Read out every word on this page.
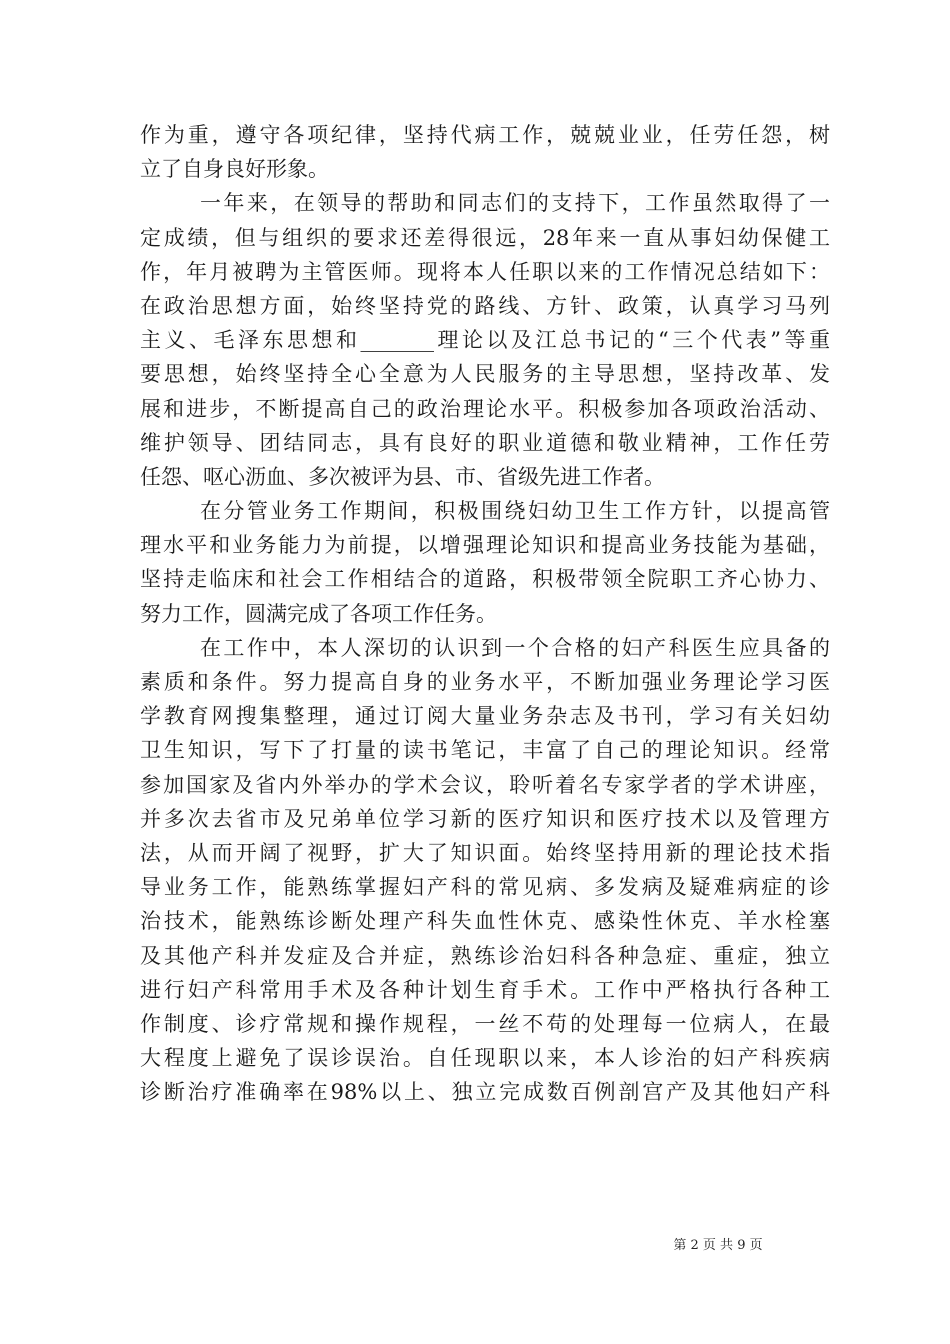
作为重，遵守各项纪律，坚持代病工作，兢兢业业，任劳任怨，树
立了自身良好形象。
一年来，在领导的帮助和同志们的支持下，工作虽然取得了一
定成绩，但与组织的要求还差得很远，28年来一直从事妇幼保健工
作，年月被聘为主管医师。现将本人任职以来的工作情况总结如下：
在政治思想方面，始终坚持党的路线、方针、政策，认真学习马列
主义、毛泽东思想和_______理论以及江总书记的“三个代表”等重
要思想，始终坚持全心全意为人民服务的主导思想，坚持改革、发
展和进步，不断提高自己的政治理论水平。积极参加各项政治活动、
维护领导、团结同志，具有良好的职业道德和敬业精神，工作任劳
任怨、呕心沥血、多次被评为县、市、省级先进工作者。
在分管业务工作期间，积极围绕妇幼卫生工作方针，以提高管
理水平和业务能力为前提，以增强理论知识和提高业务技能为基础，
坚持走临床和社会工作相结合的道路，积极带领全院职工齐心协力、
努力工作，圆满完成了各项工作任务。
在工作中，本人深切的认识到一个合格的妇产科医生应具备的
素质和条件。努力提高自身的业务水平，不断加强业务理论学习医
学教育网搜集整理，通过订阅大量业务杂志及书刊，学习有关妇幼
卫生知识，写下了打量的读书笔记，丰富了自己的理论知识。经常
参加国家及省内外举办的学术会议，聆听着名专家学者的学术讲座，
并多次去省市及兄弟单位学习新的医疗知识和医疗技术以及管理方
法，从而开阔了视野，扩大了知识面。始终坚持用新的理论技术指
导业务工作，能熟练掌握妇产科的常见病、多发病及疑难病症的诊
治技术，能熟练诊断处理产科失血性休克、感染性休克、羊水栓塞
及其他产科并发症及合并症，熟练诊治妇科各种急症、重症，独立
进行妇产科常用手术及各种计划生育手术。工作中严格执行各种工
作制度、诊疗常规和操作规程，一丝不苟的处理每一位病人，在最
大程度上避免了误诊误治。自任现职以来，本人诊治的妇产科疾病
诊断治疗准确率在98%以上、独立完成数百例剖宫产及其他妇产科
第 2 页 共 9 页
